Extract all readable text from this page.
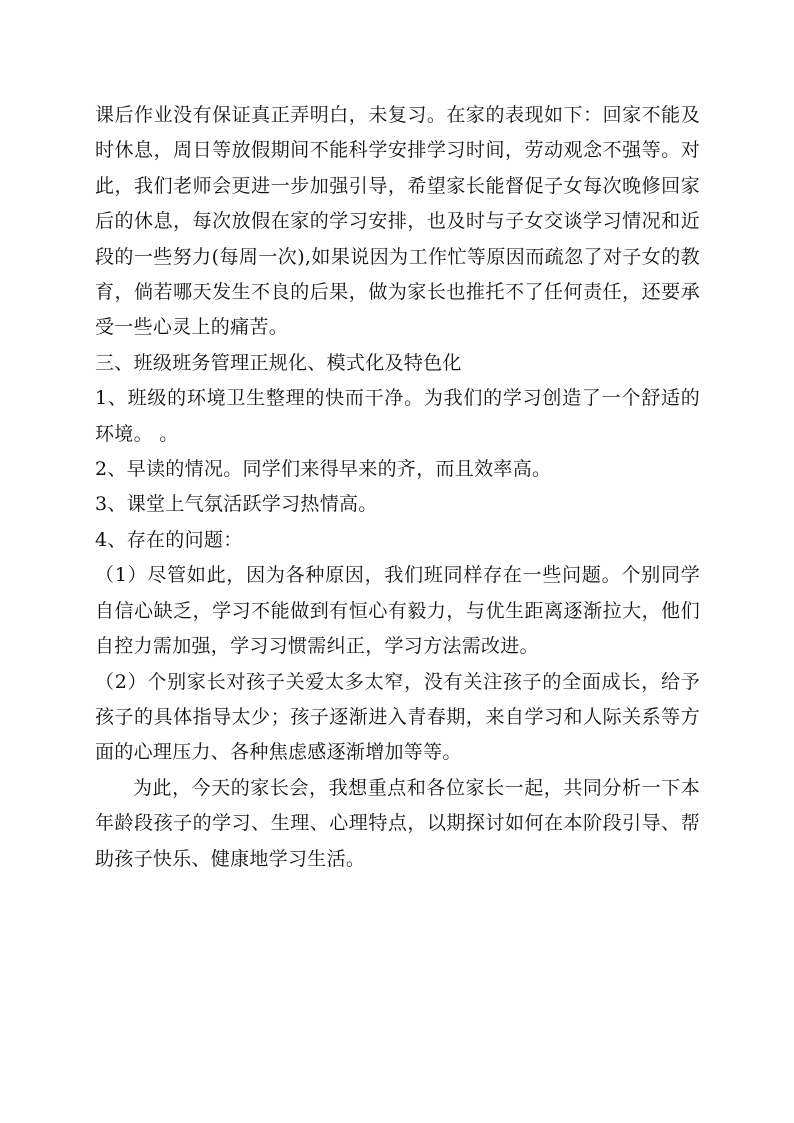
课后作业没有保证真正弄明白，未复习。在家的表现如下：回家不能及时休息，周日等放假期间不能科学安排学习时间，劳动观念不强等。对此，我们老师会更进一步加强引导，希望家长能督促子女每次晚修回家后的休息，每次放假在家的学习安排，也及时与子女交谈学习情况和近段的一些努力(每周一次),如果说因为工作忙等原因而疏忽了对子女的教育，倘若哪天发生不良的后果，做为家长也推托不了任何责任，还要承受一些心灵上的痛苦。

三、班级班务管理正规化、模式化及特色化

1、班级的环境卫生整理的快而干净。为我们的学习创造了一个舒适的环境。 。

2、早读的情况。同学们来得早来的齐，而且效率高。

3、课堂上气氛活跃学习热情高。

4、存在的问题：

（1）尽管如此，因为各种原因，我们班同样存在一些问题。个别同学自信心缺乏，学习不能做到有恒心有毅力，与优生距离逐渐拉大，他们自控力需加强，学习习惯需纠正，学习方法需改进。

（2）个别家长对孩子关爱太多太窄，没有关注孩子的全面成长，给予孩子的具体指导太少；孩子逐渐进入青春期，来自学习和人际关系等方面的心理压力、各种焦虑感逐渐增加等等。

为此，今天的家长会，我想重点和各位家长一起，共同分析一下本年龄段孩子的学习、生理、心理特点，以期探讨如何在本阶段引导、帮助孩子快乐、健康地学习生活。
